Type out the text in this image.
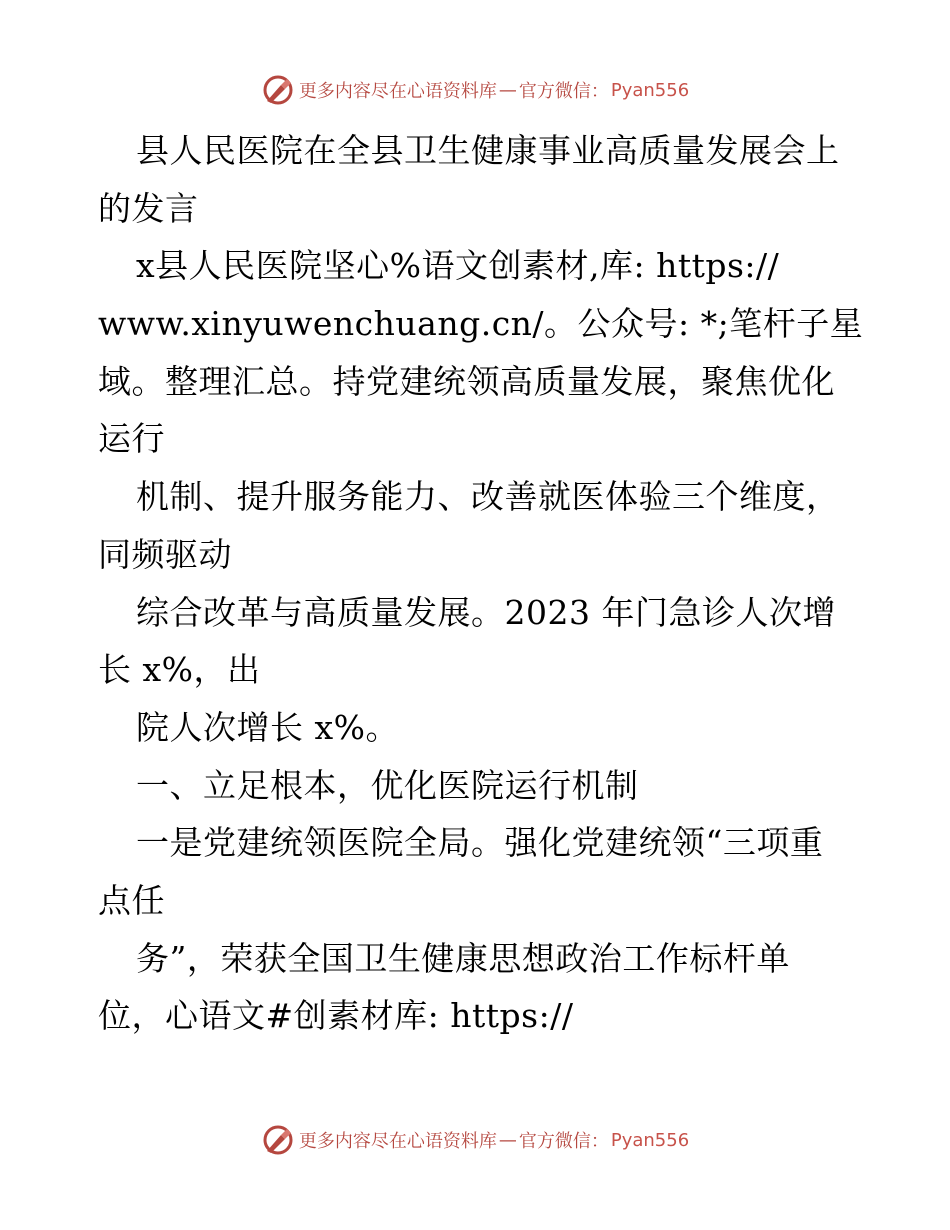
更多内容尽在心语资料库 — 官方微信： Pyan556
县人民医院在全县卫生健康事业高质量发展会上
的发言
x县人民医院坚心%语文创素材,库: https://
www.xinyuwenchuang.cn/。公众号: *;笔杆子星
域。整理汇总。持党建统领高质量发展，聚焦优化
运行
机制、提升服务能力、改善就医体验三个维度，
同频驱动
综合改革与高质量发展。2023 年门急诊人次增
长 x%，出
院人次增长 x%。
一、立足根本，优化医院运行机制
一是党建统领医院全局。强化党建统领“三项重
点任
务”，荣获全国卫生健康思想政治工作标杆单
位，心语文#创素材库: https://
更多内容尽在心语资料库 — 官方微信： Pyan556
